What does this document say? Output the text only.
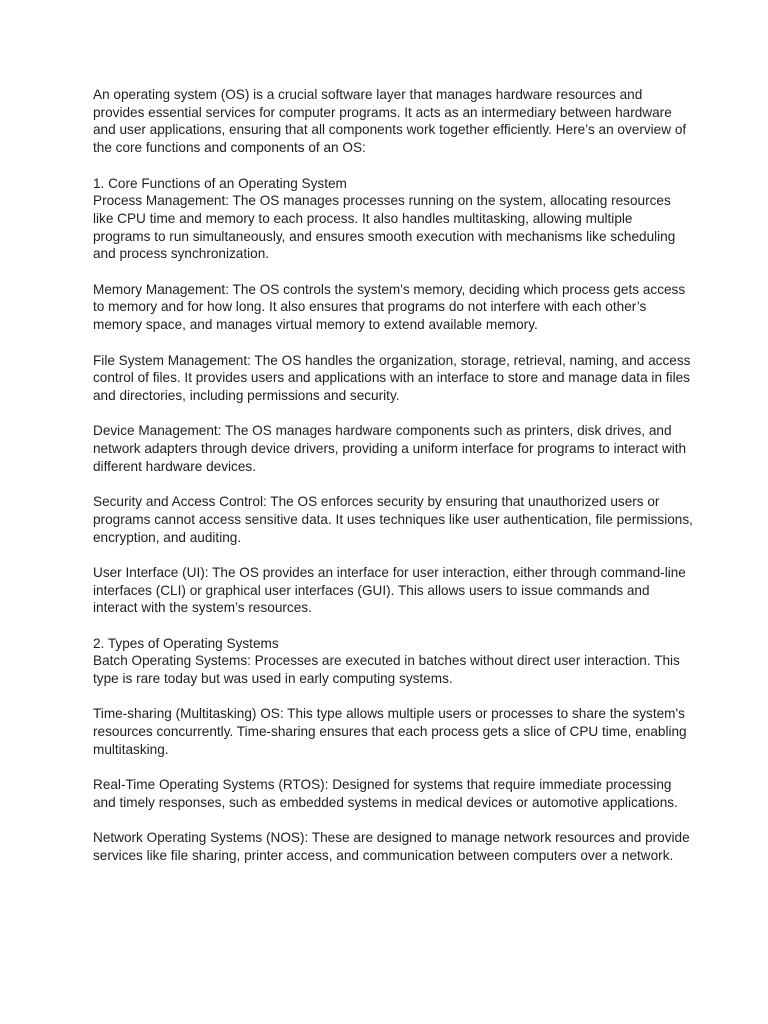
An operating system (OS) is a crucial software layer that manages hardware resources and provides essential services for computer programs. It acts as an intermediary between hardware and user applications, ensuring that all components work together efficiently. Here’s an overview of the core functions and components of an OS:

1. Core Functions of an Operating System

Process Management: The OS manages processes running on the system, allocating resources like CPU time and memory to each process. It also handles multitasking, allowing multiple programs to run simultaneously, and ensures smooth execution with mechanisms like scheduling and process synchronization.

Memory Management: The OS controls the system's memory, deciding which process gets access to memory and for how long. It also ensures that programs do not interfere with each other’s memory space, and manages virtual memory to extend available memory.

File System Management: The OS handles the organization, storage, retrieval, naming, and access control of files. It provides users and applications with an interface to store and manage data in files and directories, including permissions and security.

Device Management: The OS manages hardware components such as printers, disk drives, and network adapters through device drivers, providing a uniform interface for programs to interact with different hardware devices.

Security and Access Control: The OS enforces security by ensuring that unauthorized users or programs cannot access sensitive data. It uses techniques like user authentication, file permissions, encryption, and auditing.

User Interface (UI): The OS provides an interface for user interaction, either through command-line interfaces (CLI) or graphical user interfaces (GUI). This allows users to issue commands and interact with the system’s resources.

2. Types of Operating Systems

Batch Operating Systems: Processes are executed in batches without direct user interaction. This type is rare today but was used in early computing systems.

Time-sharing (Multitasking) OS: This type allows multiple users or processes to share the system's resources concurrently. Time-sharing ensures that each process gets a slice of CPU time, enabling multitasking.

Real-Time Operating Systems (RTOS): Designed for systems that require immediate processing and timely responses, such as embedded systems in medical devices or automotive applications.

Network Operating Systems (NOS): These are designed to manage network resources and provide services like file sharing, printer access, and communication between computers over a network.
